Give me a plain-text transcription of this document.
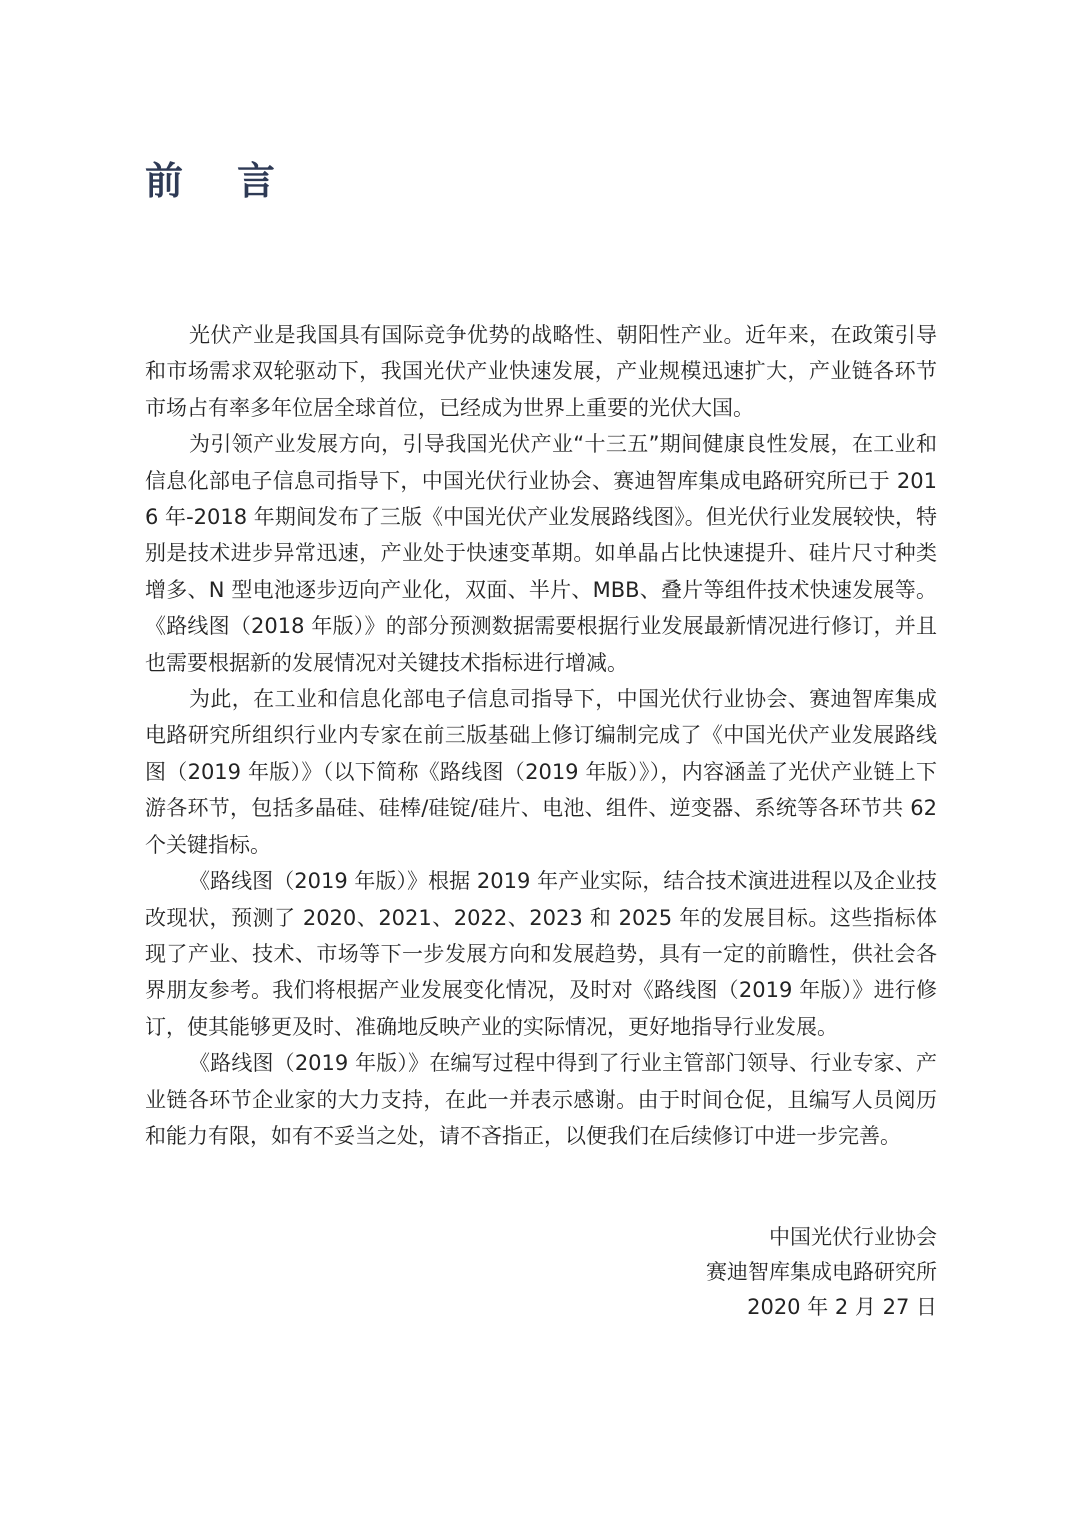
前言

光伏产业是我国具有国际竞争优势的战略性、朝阳性产业。近年来，在政策引导和市场需求双轮驱动下，我国光伏产业快速发展，产业规模迅速扩大，产业链各环节市场占有率多年位居全球首位，已经成为世界上重要的光伏大国。

为引领产业发展方向，引导我国光伏产业“十三五”期间健康良性发展，在工业和信息化部电子信息司指导下，中国光伏行业协会、赛迪智库集成电路研究所已于 2016 年-2018 年期间发布了三版《中国光伏产业发展路线图》。但光伏行业发展较快，特别是技术进步异常迅速，产业处于快速变革期。如单晶占比快速提升、硅片尺寸种类增多、N 型电池逐步迈向产业化，双面、半片、MBB、叠片等组件技术快速发展等。《路线图（2018 年版）》的部分预测数据需要根据行业发展最新情况进行修订，并且也需要根据新的发展情况对关键技术指标进行增减。

为此，在工业和信息化部电子信息司指导下，中国光伏行业协会、赛迪智库集成电路研究所组织行业内专家在前三版基础上修订编制完成了《中国光伏产业发展路线图（2019 年版）》（以下简称《路线图（2019 年版）》），内容涵盖了光伏产业链上下游各环节，包括多晶硅、硅棒/硅锭/硅片、电池、组件、逆变器、系统等各环节共 62 个关键指标。

《路线图（2019 年版）》根据 2019 年产业实际，结合技术演进进程以及企业技改现状，预测了 2020、2021、2022、2023 和 2025 年的发展目标。这些指标体现了产业、技术、市场等下一步发展方向和发展趋势，具有一定的前瞻性，供社会各界朋友参考。我们将根据产业发展变化情况，及时对《路线图（2019 年版）》进行修订，使其能够更及时、准确地反映产业的实际情况，更好地指导行业发展。

《路线图（2019 年版）》在编写过程中得到了行业主管部门领导、行业专家、产业链各环节企业家的大力支持，在此一并表示感谢。由于时间仓促，且编写人员阅历和能力有限，如有不妥当之处，请不吝指正，以便我们在后续修订中进一步完善。

中国光伏行业协会
赛迪智库集成电路研究所
2020 年 2 月 27 日
